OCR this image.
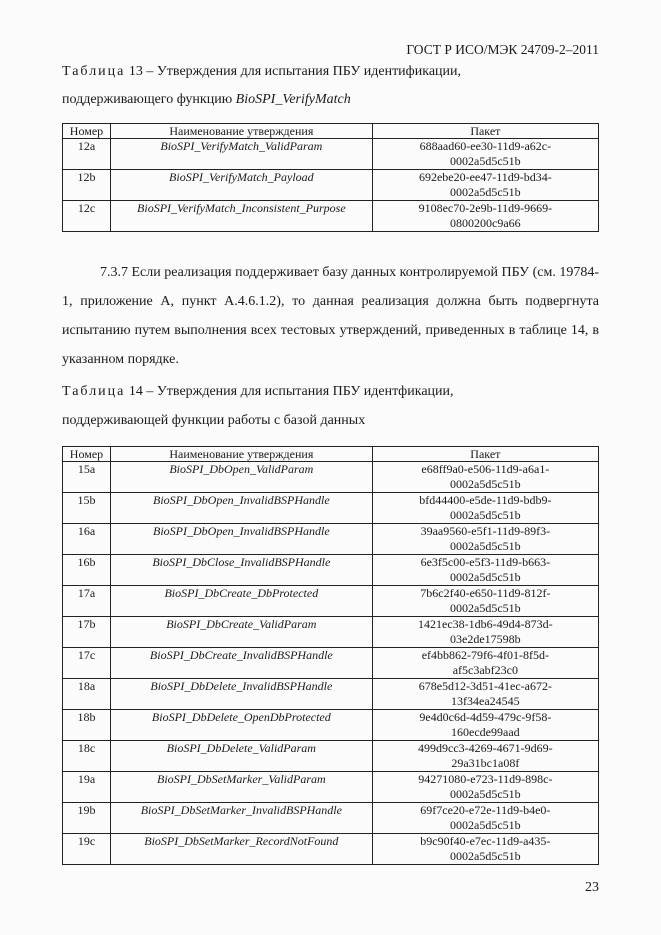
ГОСТ Р ИСО/МЭК 24709-2–2011
Таблица 13 – Утверждения для испытания ПБУ идентификации,
поддерживающего функцию BioSPI_VerifyMatch
Номер	Наименование утверждения	Пакет
12a	BioSPI_VerifyMatch_ValidParam	688aad60-ee30-11d9-a62c-
0002a5d5c51b
12b	BioSPI_VerifyMatch_Payload	692ebe20-ee47-11d9-bd34-
0002a5d5c51b
12c	BioSPI_VerifyMatch_Inconsistent_Purpose	9108ec70-2e9b-11d9-9669-
0800200c9a66
7.3.7 Если реализация поддерживает базу данных контролируемой ПБУ (см. 19784-1, приложение А, пункт А.4.6.1.2), то данная реализация должна быть подвергнута испытанию путем выполнения всех тестовых утверждений, приведенных в таблице 14, в указанном порядке.
Таблица 14 – Утверждения для испытания ПБУ идентфикации,
поддерживающей функции работы с базой данных
Номер	Наименование утверждения	Пакет
15a	BioSPI_DbOpen_ValidParam	e68ff9a0-e506-11d9-a6a1-
0002a5d5c51b
15b	BioSPI_DbOpen_InvalidBSPHandle	bfd44400-e5de-11d9-bdb9-
0002a5d5c51b
16a	BioSPI_DbOpen_InvalidBSPHandle	39aa9560-e5f1-11d9-89f3-
0002a5d5c51b
16b	BioSPI_DbClose_InvalidBSPHandle	6e3f5c00-e5f3-11d9-b663-
0002a5d5c51b
17a	BioSPI_DbCreate_DbProtected	7b6c2f40-e650-11d9-812f-
0002a5d5c51b
17b	BioSPI_DbCreate_ValidParam	1421ec38-1db6-49d4-873d-
03e2de17598b
17c	BioSPI_DbCreate_InvalidBSPHandle	ef4bb862-79f6-4f01-8f5d-
af5c3abf23c0
18a	BioSPI_DbDelete_InvalidBSPHandle	678e5d12-3d51-41ec-a672-
13f34ea24545
18b	BioSPI_DbDelete_OpenDbProtected	9e4d0c6d-4d59-479c-9f58-
160ecde99aad
18c	BioSPI_DbDelete_ValidParam	499d9cc3-4269-4671-9d69-
29a31bc1a08f
19a	BioSPI_DbSetMarker_ValidParam	94271080-e723-11d9-898c-
0002a5d5c51b
19b	BioSPI_DbSetMarker_InvalidBSPHandle	69f7ce20-e72e-11d9-b4e0-
0002a5d5c51b
19c	BioSPI_DbSetMarker_RecordNotFound	b9c90f40-e7ec-11d9-a435-
0002a5d5c51b
23
